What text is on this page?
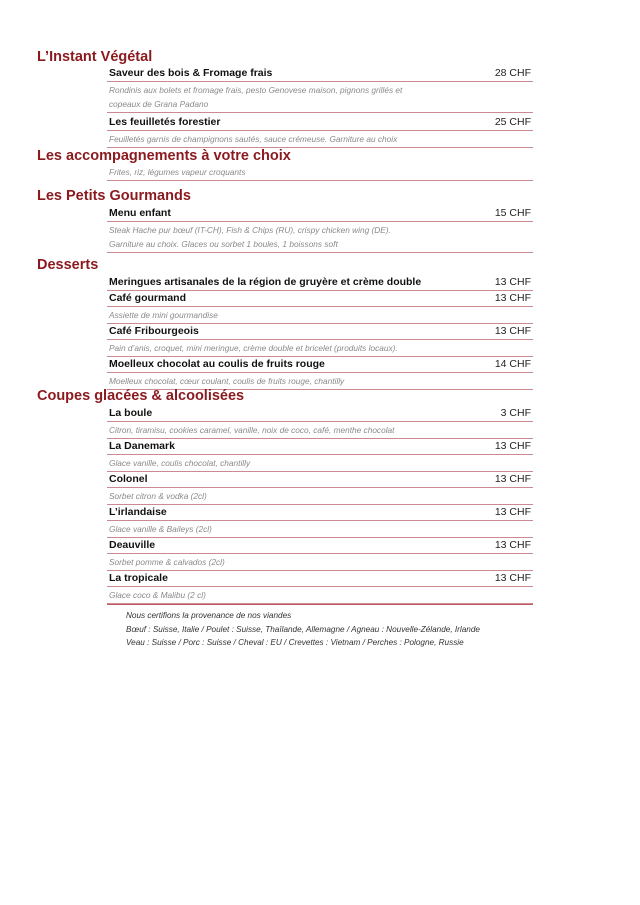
L’Instant Végétal
Saveur des bois & Fromage frais	28 CHF
Rondinis aux bolets et fromage frais, pesto Genovese maison, pignons grillés et
copeaux de Grana Padano
Les feuilletés forestier	25 CHF
Feuilletés garnis de champignons sautés, sauce crémeuse. Garniture au choix
Les accompagnements à votre choix
Frites, riz, légumes vapeur croquants
Les Petits Gourmands
Menu enfant	15 CHF
Steak Hache pur bœuf (IT-CH), Fish & Chips (RU), crispy chicken wing (DE).
Garniture au choix. Glaces ou sorbet 1 boules, 1 boissons soft
Desserts
Meringues artisanales de la région de gruyère et crème double	13 CHF
Café gourmand	13 CHF
Assiette de mini gourmandise
Café Fribourgeois	13 CHF
Pain d’anis, croquet, mini meringue, crème double et bricelet (produits locaux).
Moelleux chocolat au coulis de fruits rouge	14 CHF
Moelleux chocolat, cœur coulant, coulis de fruits rouge, chantilly
Coupes glacées & alcoolisées
La boule	3 CHF
Citron, tiramisu, cookies caramel, vanille, noix de coco, café, menthe chocolat
La Danemark	13 CHF
Glace vanille, coulis chocolat, chantilly
Colonel	13 CHF
Sorbet citron & vodka (2cl)
L’irlandaise	13 CHF
Glace vanille & Baileys (2cl)
Deauville	13 CHF
Sorbet pomme & calvados (2cl)
La tropicale	13 CHF
Glace coco & Malibu (2 cl)

Nous certifions la provenance de nos viandes

Bœuf : Suisse, Italie / Poulet : Suisse, Thaïlande, Allemagne / Agneau : Nouvelle-Zélande, Irlande

Veau : Suisse / Porc : Suisse / Cheval : EU / Crevettes : Vietnam / Perches : Pologne, Russie
